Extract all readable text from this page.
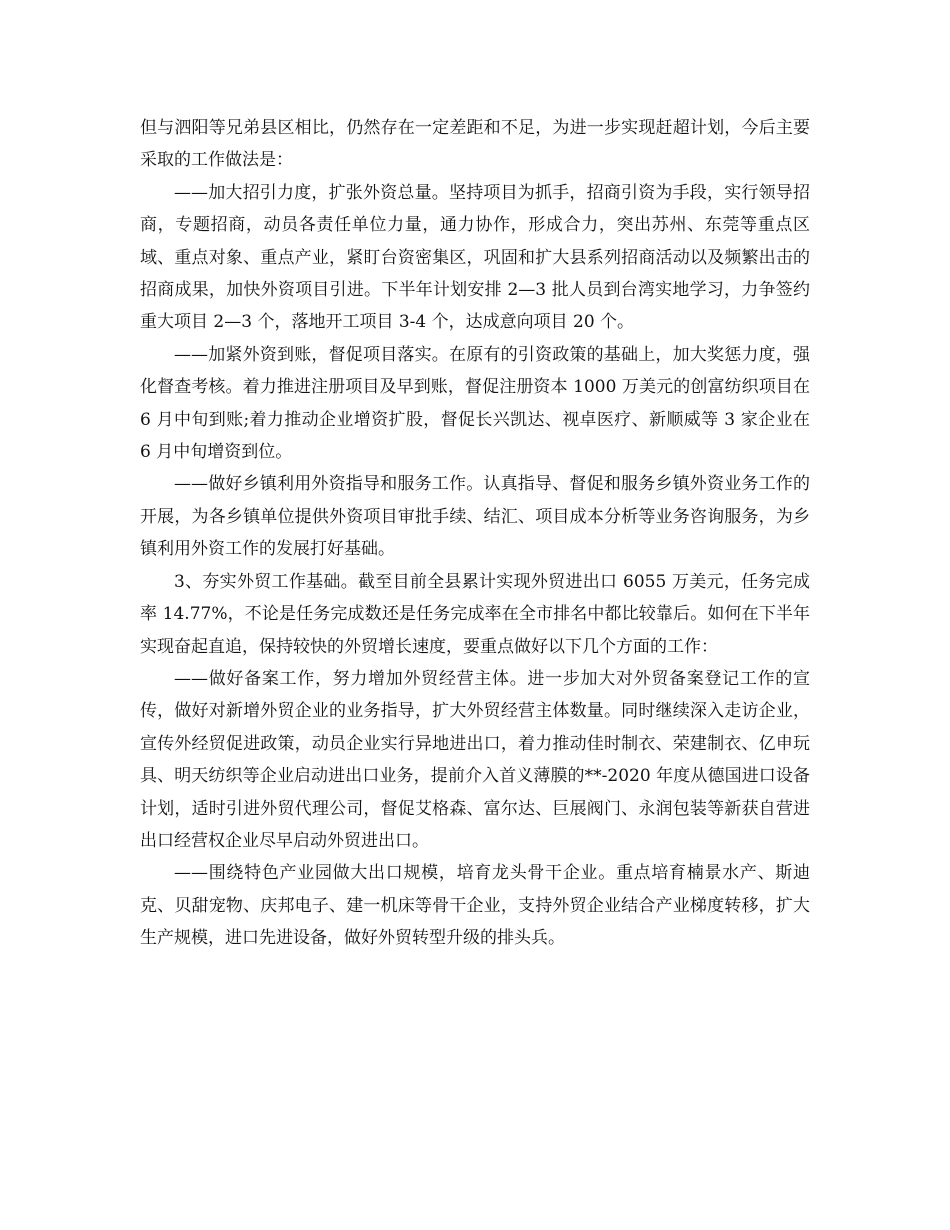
但与泗阳等兄弟县区相比，仍然存在一定差距和不足，为进一步实现赶超计划，今后主要采取的工作做法是：

——加大招引力度，扩张外资总量。坚持项目为抓手，招商引资为手段，实行领导招商，专题招商，动员各责任单位力量，通力协作，形成合力，突出苏州、东莞等重点区域、重点对象、重点产业，紧盯台资密集区，巩固和扩大县系列招商活动以及频繁出击的招商成果，加快外资项目引进。下半年计划安排 2—3 批人员到台湾实地学习，力争签约重大项目 2—3 个，落地开工项目 3-4 个，达成意向项目 20 个。

——加紧外资到账，督促项目落实。在原有的引资政策的基础上，加大奖惩力度，强化督查考核。着力推进注册项目及早到账，督促注册资本 1000 万美元的创富纺织项目在 6 月中旬到账;着力推动企业增资扩股，督促长兴凯达、视卓医疗、新顺威等 3 家企业在 6 月中旬增资到位。

——做好乡镇利用外资指导和服务工作。认真指导、督促和服务乡镇外资业务工作的开展，为各乡镇单位提供外资项目审批手续、结汇、项目成本分析等业务咨询服务，为乡镇利用外资工作的发展打好基础。

3、夯实外贸工作基础。截至目前全县累计实现外贸进出口 6055 万美元，任务完成率 14.77%，不论是任务完成数还是任务完成率在全市排名中都比较靠后。如何在下半年实现奋起直追，保持较快的外贸增长速度，要重点做好以下几个方面的工作：

——做好备案工作，努力增加外贸经营主体。进一步加大对外贸备案登记工作的宣传，做好对新增外贸企业的业务指导，扩大外贸经营主体数量。同时继续深入走访企业，宣传外经贸促进政策，动员企业实行异地进出口，着力推动佳时制衣、荣建制衣、亿申玩具、明天纺织等企业启动进出口业务，提前介入首义薄膜的**-2020 年度从德国进口设备计划，适时引进外贸代理公司，督促艾格森、富尔达、巨展阀门、永润包装等新获自营进出口经营权企业尽早启动外贸进出口。

——围绕特色产业园做大出口规模，培育龙头骨干企业。重点培育楠景水产、斯迪克、贝甜宠物、庆邦电子、建一机床等骨干企业，支持外贸企业结合产业梯度转移，扩大生产规模，进口先进设备，做好外贸转型升级的排头兵。
